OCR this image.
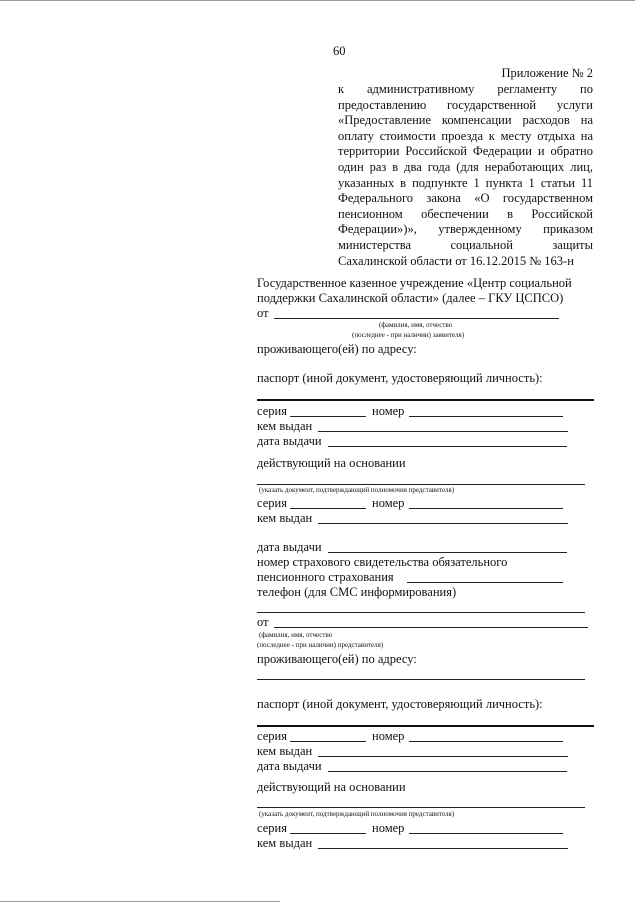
60
Приложение № 2
к административному регламенту по
предоставлению государственной услуги
«Предоставление компенсации расходов на
оплату стоимости проезда к месту отдыха на
территории Российской Федерации и обратно
один раз в два года (для неработающих лиц,
указанных в подпункте 1 пункта 1 статьи 11
Федерального закона «О государственном
пенсионном обеспечении в Российской
Федерации»)», утвержденному приказом
министерства социальной защиты
Сахалинской области от 16.12.2015 № 163-н
Государственное казенное учреждение «Центр социальной
поддержки Сахалинской области» (далее – ГКУ ЦСПСО)
от
(фамилия, имя, отчество
(последнее - при наличии) заявителя)
проживающего(ей) по адресу:
паспорт (иной документ, удостоверяющий личность):
серия	номер
кем выдан
дата выдачи
действующий на основании
(указать документ, подтверждающий полномочия представителя)
серия	номер
кем выдан
дата выдачи
номер страхового свидетельства обязательного
пенсионного страхования
телефон (для СМС информирования)
от
(фамилия, имя, отчество
(последнее - при наличии) представителя)
проживающего(ей) по адресу:
паспорт (иной документ, удостоверяющий личность):
серия	номер
кем выдан
дата выдачи
действующий на основании
(указать документ, подтверждающий полномочия представителя)
серия	номер
кем выдан
